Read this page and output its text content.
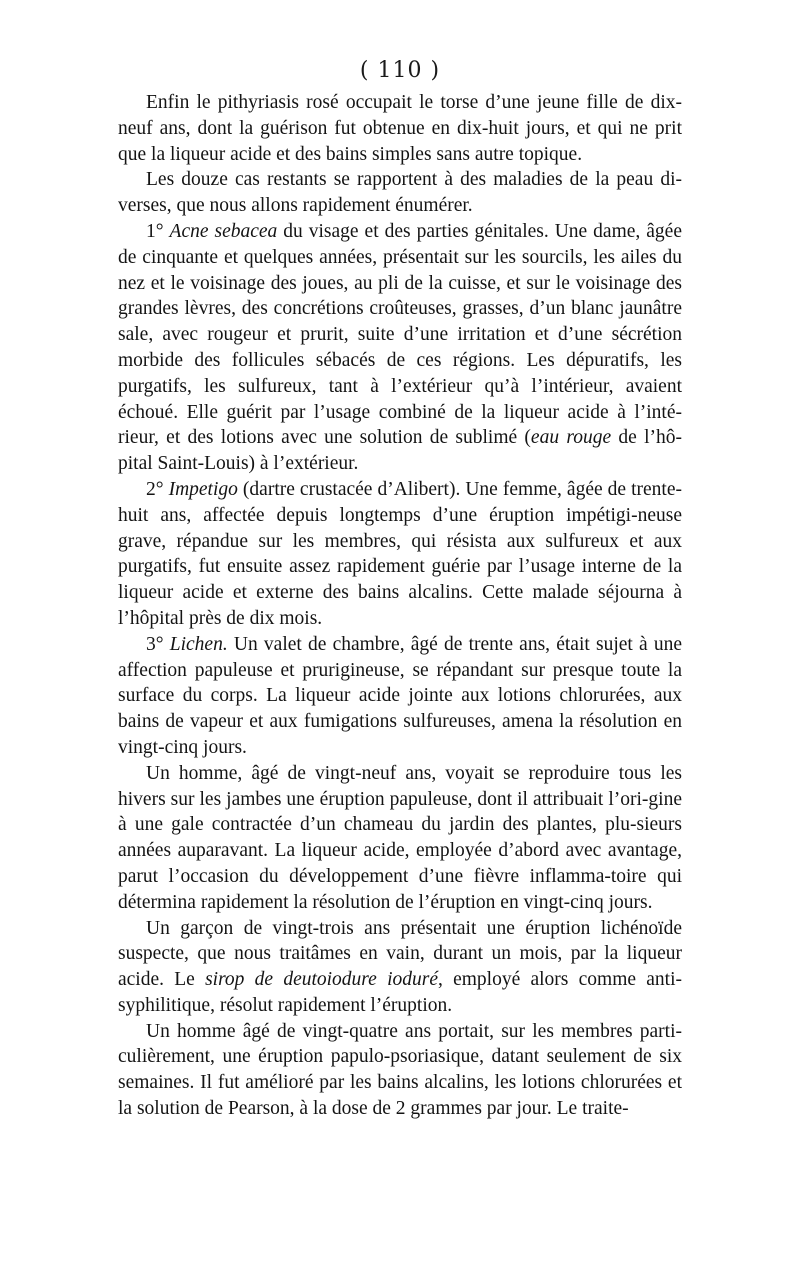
( 110 )

Enfin le pithyriasis rosé occupait le torse d’une jeune fille de dix-neuf ans, dont la guérison fut obtenue en dix-huit jours, et qui ne prit que la liqueur acide et des bains simples sans autre topique.

Les douze cas restants se rapportent à des maladies de la peau di-verses, que nous allons rapidement énumérer.

1° Acne sebacea du visage et des parties génitales. Une dame, âgée de cinquante et quelques années, présentait sur les sourcils, les ailes du nez et le voisinage des joues, au pli de la cuisse, et sur le voisinage des grandes lèvres, des concrétions croûteuses, grasses, d’un blanc jaunâtre sale, avec rougeur et prurit, suite d’une irritation et d’une sécrétion morbide des follicules sébacés de ces régions. Les dépuratifs, les purgatifs, les sulfureux, tant à l’extérieur qu’à l’intérieur, avaient échoué. Elle guérit par l’usage combiné de la liqueur acide à l’inté-rieur, et des lotions avec une solution de sublimé (eau rouge de l’hô-pital Saint-Louis) à l’extérieur.

2° Impetigo (dartre crustacée d’Alibert). Une femme, âgée de trente-huit ans, affectée depuis longtemps d’une éruption impétigi-neuse grave, répandue sur les membres, qui résista aux sulfureux et aux purgatifs, fut ensuite assez rapidement guérie par l’usage interne de la liqueur acide et externe des bains alcalins. Cette malade séjourna à l’hôpital près de dix mois.

3° Lichen. Un valet de chambre, âgé de trente ans, était sujet à une affection papuleuse et prurigineuse, se répandant sur presque toute la surface du corps. La liqueur acide jointe aux lotions chlorurées, aux bains de vapeur et aux fumigations sulfureuses, amena la résolution en vingt-cinq jours.

Un homme, âgé de vingt-neuf ans, voyait se reproduire tous les hivers sur les jambes une éruption papuleuse, dont il attribuait l’ori-gine à une gale contractée d’un chameau du jardin des plantes, plu-sieurs années auparavant. La liqueur acide, employée d’abord avec avantage, parut l’occasion du développement d’une fièvre inflamma-toire qui détermina rapidement la résolution de l’éruption en vingt-cinq jours.

Un garçon de vingt-trois ans présentait une éruption lichénoïde suspecte, que nous traitâmes en vain, durant un mois, par la liqueur acide. Le sirop de deutoiodure ioduré, employé alors comme anti-syphilitique, résolut rapidement l’éruption.

Un homme âgé de vingt-quatre ans portait, sur les membres parti-culièrement, une éruption papulo-psoriasique, datant seulement de six semaines. Il fut amélioré par les bains alcalins, les lotions chlorurées et la solution de Pearson, à la dose de 2 grammes par jour. Le traite-
